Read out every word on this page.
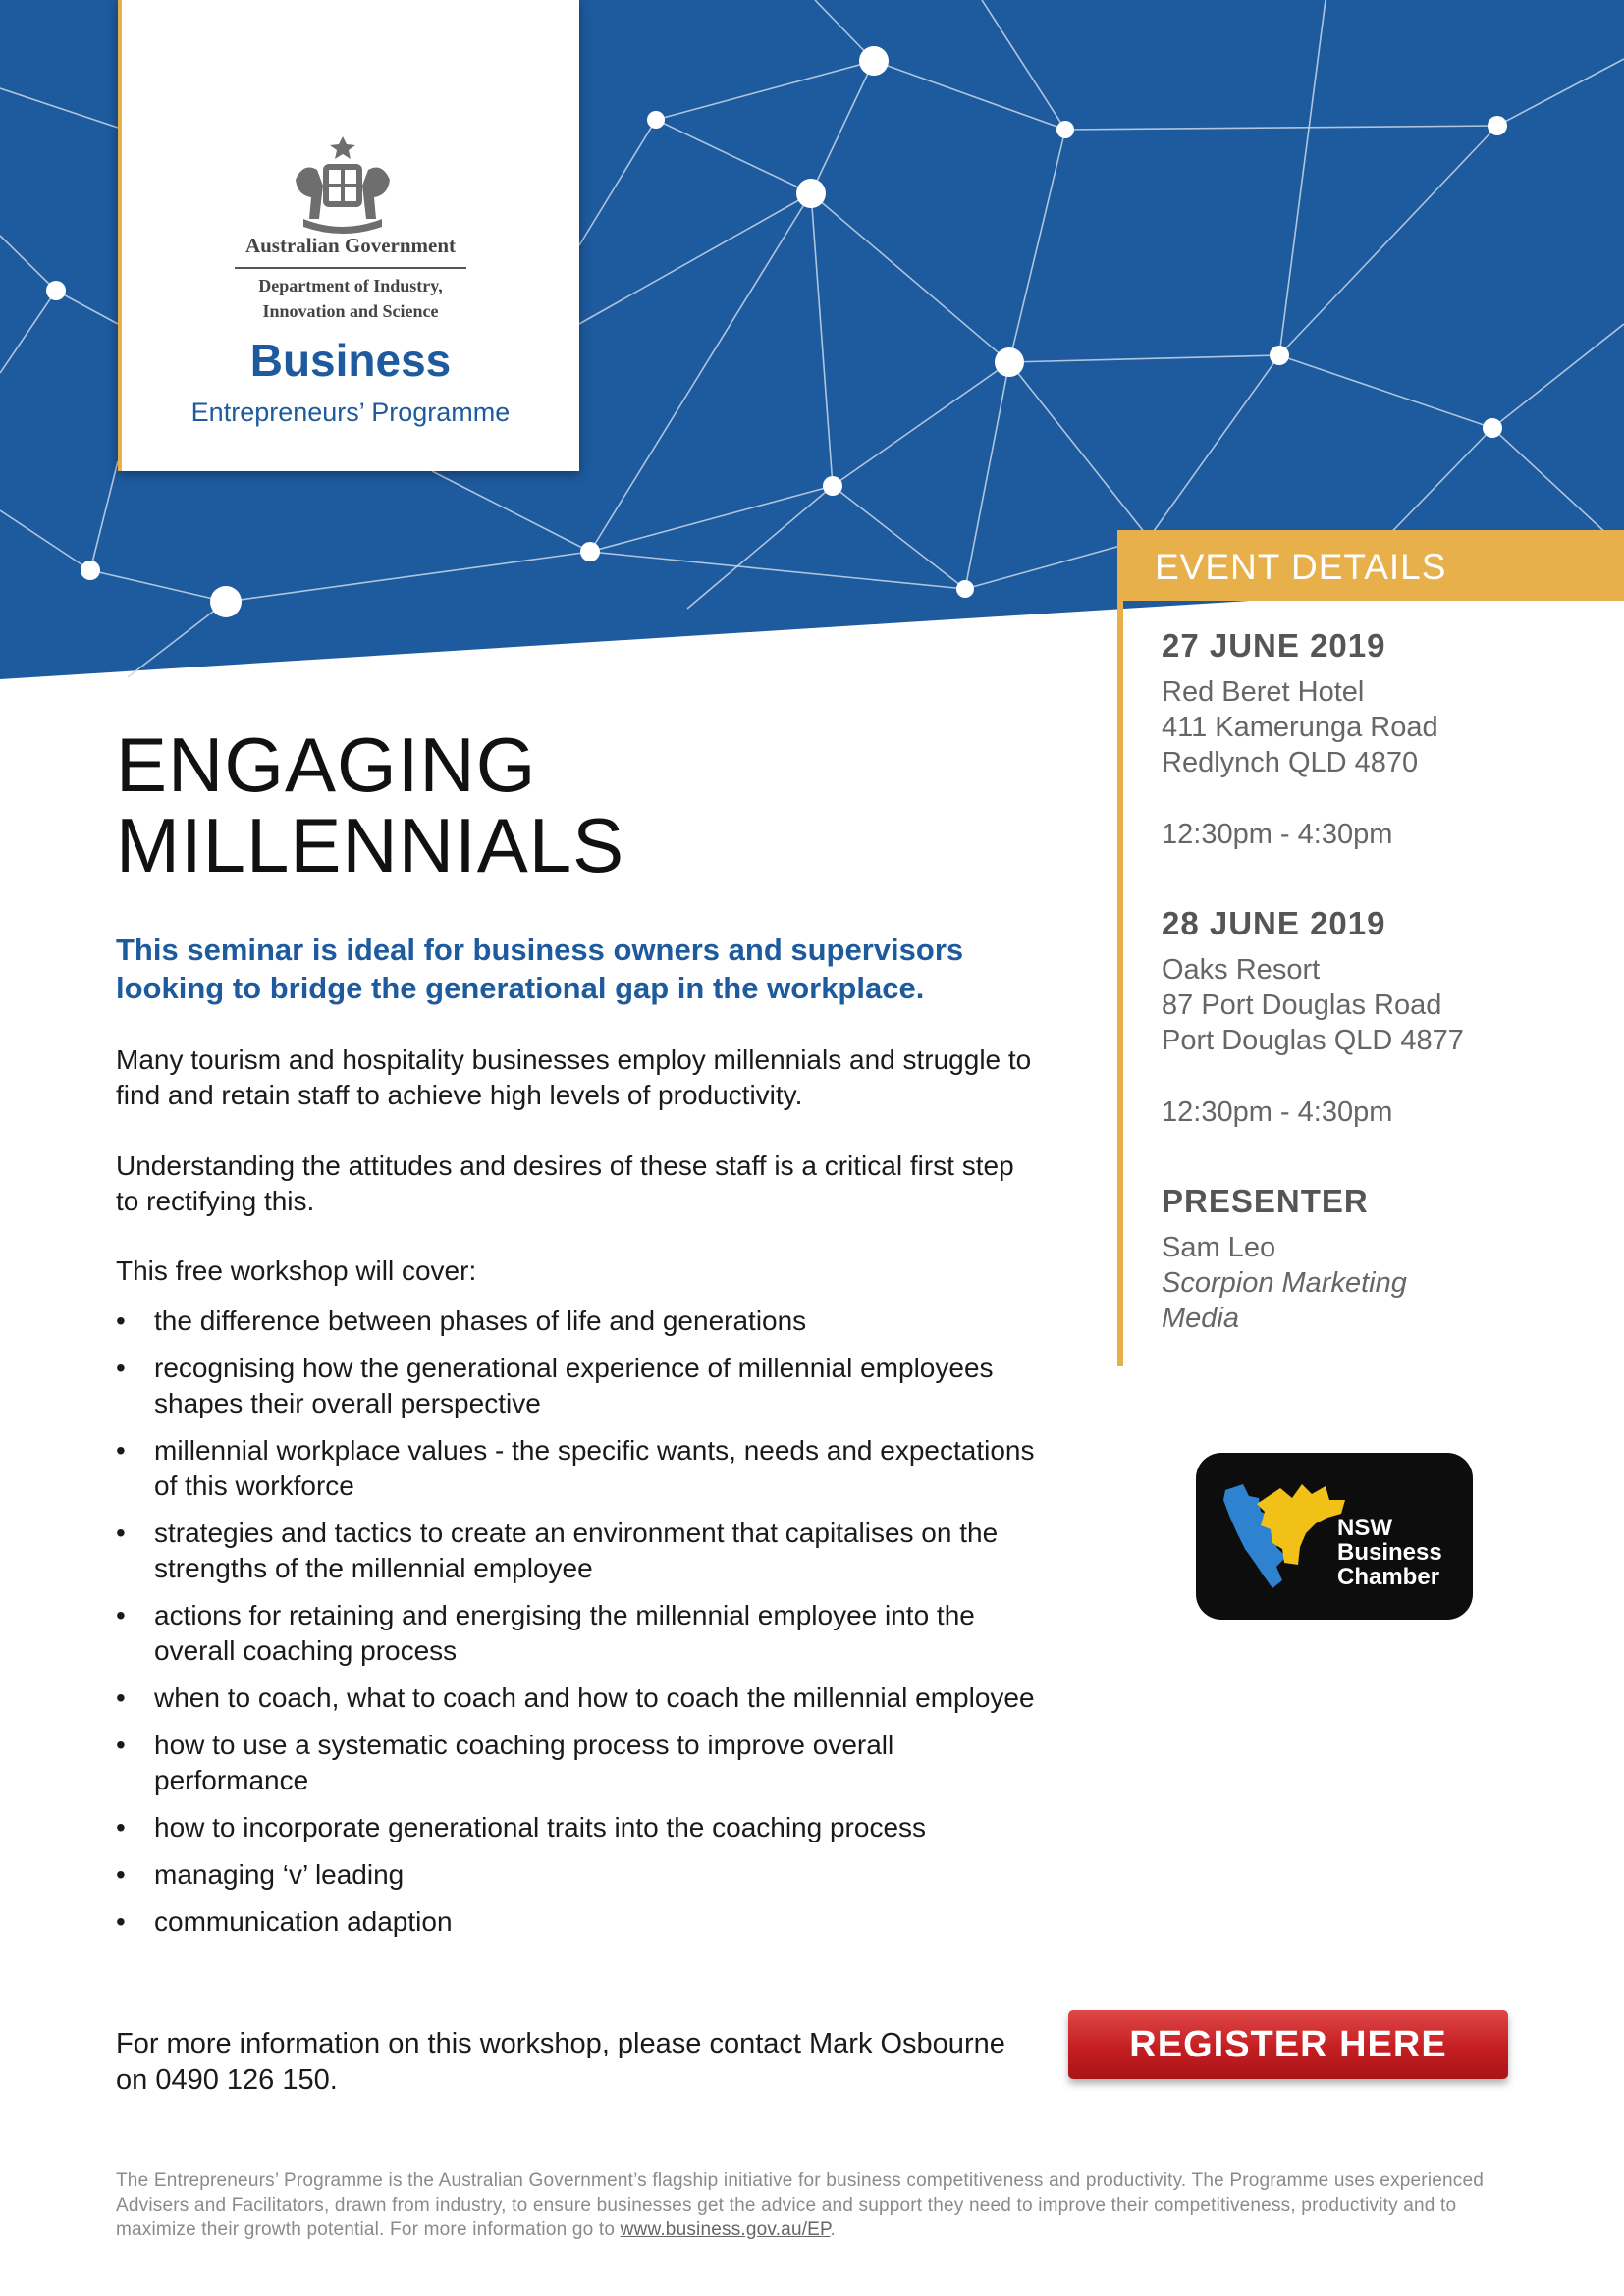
Australian Government
Department of Industry,
Innovation and Science
Business
Entrepreneurs’ Programme
ENGAGING
MILLENNIALS

This seminar is ideal for business owners and supervisors looking to bridge the generational gap in the workplace.

Many tourism and hospitality businesses employ millennials and struggle to find and retain staff to achieve high levels of productivity.

Understanding the attitudes and desires of these staff is a critical first step to rectifying this.

This free workshop will cover:

• the difference between phases of life and generations
• recognising how the generational experience of millennial employees shapes their overall perspective
• millennial workplace values - the specific wants, needs and expectations of this workforce
• strategies and tactics to create an environment that capitalises on the strengths of the millennial employee
• actions for retaining and energising the millennial employee into the overall coaching process
• when to coach, what to coach and how to coach the millennial employee
• how to use a systematic coaching process to improve overall performance
• how to incorporate generational traits into the coaching process
• managing ‘v’ leading
• communication adaption

For more information on this workshop, please contact Mark Osbourne on 0490 126 150.

EVENT DETAILS

27 JUNE 2019

Red Beret Hotel

411 Kamerunga Road

Redlynch QLD 4870

12:30pm - 4:30pm

28 JUNE 2019

Oaks Resort

87 Port Douglas Road

Port Douglas QLD 4877

12:30pm - 4:30pm

PRESENTER

Sam Leo

Scorpion Marketing

Media

NSW
Business
Chamber
REGISTER HERE

The Entrepreneurs’ Programme is the Australian Government’s flagship initiative for business competitiveness and productivity. The Programme uses experienced Advisers and Facilitators, drawn from industry, to ensure businesses get the advice and support they need to improve their competitiveness, productivity and to maximize their growth potential. For more information go to www.business.gov.au/EP.
